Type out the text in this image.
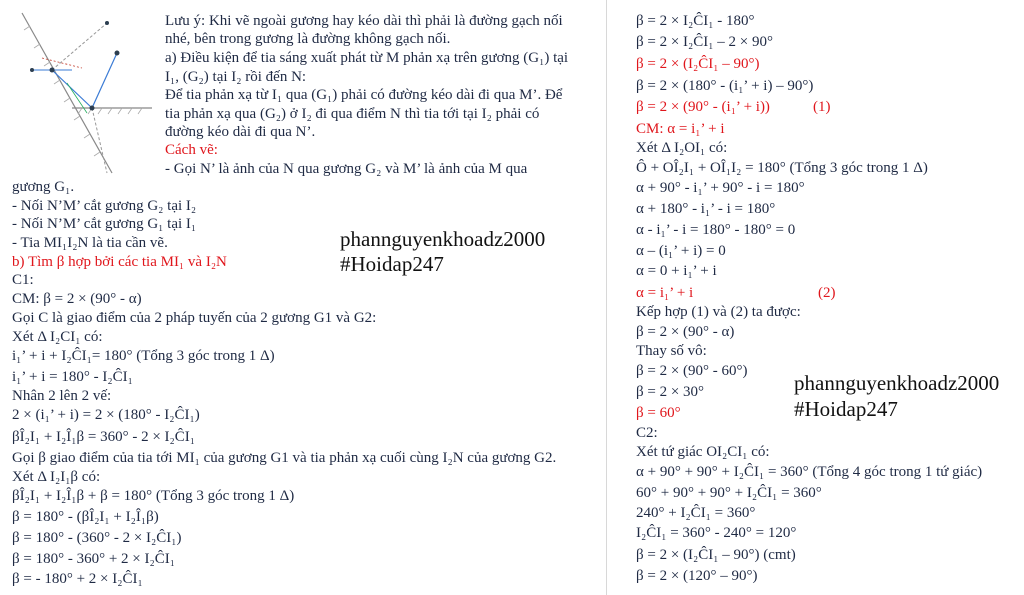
Lưu ý: Khi vẽ ngoài gương hay kéo dài thì phải là đường gạch nối
nhé, bên trong gương là đường không gạch nối.
a) Điều kiện để tia sáng xuất phát từ M phản xạ trên gương (G₁) tại
I₁, (G₂) tại I₂ rồi đến N:
Để tia phản xạ từ I₁ qua (G₁) phải có đường kéo dài đi qua M’. Để
tia phản xạ qua (G₂) ở I₂ đi qua điểm N thì tia tới tại I₂ phải có
đường kéo dài đi qua N’.
Cách vẽ:
- Gọi N’ là ảnh của N qua gương G₂ và M’ là ảnh của M qua
gương G₁.
- Nối N’M’ cắt gương G₂ tại I₂
- Nối N’M’ cắt gương G₁ tại I₁
- Tia MI₁I₂N là tia cần vẽ.
b) Tìm β hợp bởi các tia MI₁ và I₂N
C1:
CM: β = 2 × (90° - α)
Gọi C là giao điểm của 2 pháp tuyến của 2 gương G1 và G2:
Xét Δ I₂CI₁ có:
i₁’ + i + I₂ĈI₁= 180° (Tổng 3 góc trong 1 Δ)
i₁’ + i = 180° - I₂ĈI₁
Nhân 2 lên 2 vế:
2 × (i₁’ + i) = 2 × (180° - I₂ĈI₁)
βÎ₂I₁ + I₂Î₁β = 360° - 2 × I₂ĈI₁
Gọi β giao điểm của tia tới MI₁ của gương G1 và tia phản xạ cuối cùng I₂N của gương G2.
Xét Δ I₂I₁β có:
βÎ₂I₁ + I₂Î₁β + β = 180° (Tổng 3 góc trong 1 Δ)
β = 180° - (βÎ₂I₁ + I₂Î₁β)
β = 180° - (360° - 2 × I₂ĈI₁)
β = 180° - 360° + 2 × I₂ĈI₁
β = - 180° + 2 × I₂ĈI₁
β = 2 × I₂ĈI₁ - 180°
β = 2 × I₂ĈI₁ – 2 × 90°
β = 2 × (I₂ĈI₁ – 90°)
β = 2 × (180° - (i₁’ + i) – 90°)
β = 2 × (90° - (i₁’ + i))	(1)
CM: α = i₁’ + i
Xét Δ I₂OI₁ có:
Ô + OÎ₂I₁ + OÎ₁I₂ = 180° (Tổng 3 góc trong 1 Δ)
α + 90° - i₁’ + 90° - i = 180°
α + 180° - i₁’ - i = 180°
α - i₁’ - i = 180° - 180° = 0
α – (i₁’ + i) = 0
α = 0 + i₁’ + i
α = i₁’ + i	(2)
Kếp hợp (1) và (2) ta được:
β = 2 × (90° - α)
Thay số vô:
β = 2 × (90° - 60°)
β = 2 × 30°
β = 60°
C2:
Xét tứ giác OI₂CI₁ có:
α + 90° + 90° + I₂ĈI₁ = 360° (Tổng 4 góc trong 1 tứ giác)
60° + 90° + 90° + I₂ĈI₁ = 360°
240° + I₂ĈI₁ = 360°
I₂ĈI₁ = 360° - 240° = 120°
β = 2 × (I₂ĈI₁ – 90°) (cmt)
β = 2 × (120° – 90°)
phannguyenkhoadz2000
#Hoidap247
phannguyenkhoadz2000
#Hoidap247
